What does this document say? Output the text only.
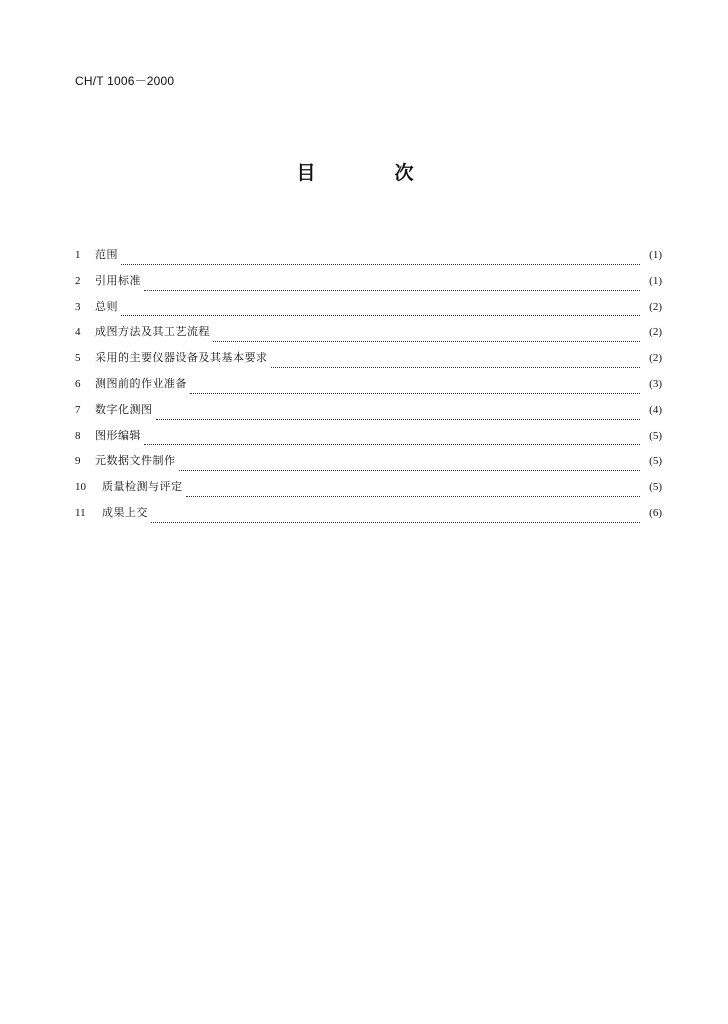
CH/T 1006－2000
目　次
1	范围	(1)
2	引用标准	(1)
3	总则	(2)
4	成图方法及其工艺流程	(2)
5	采用的主要仪器设备及其基本要求	(2)
6	测图前的作业准备	(3)
7	数字化测图	(4)
8	图形编辑	(5)
9	元数据文件制作	(5)
10	质量检测与评定	(5)
11	成果上交	(6)
